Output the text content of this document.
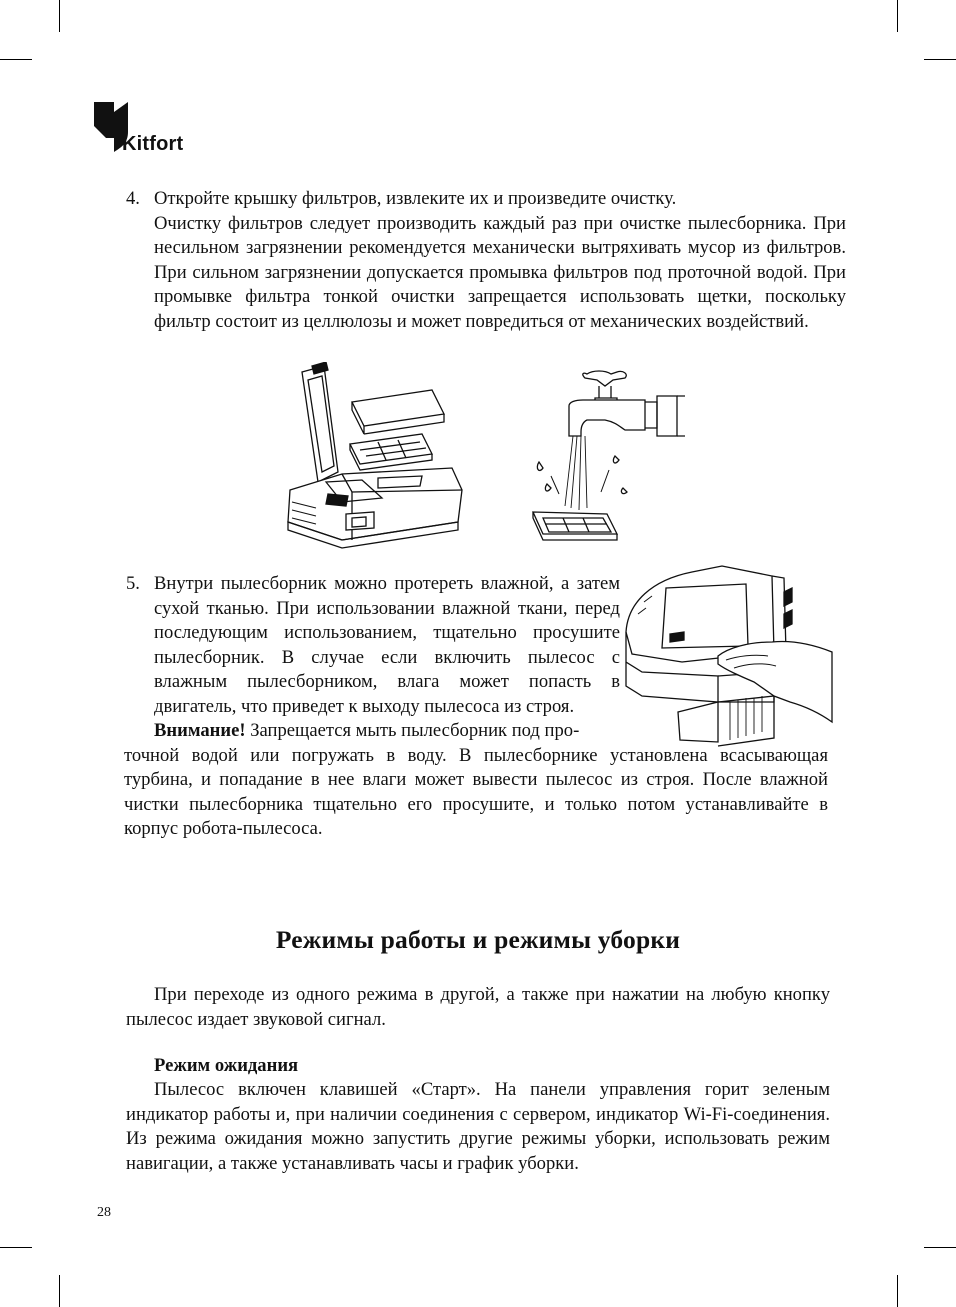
Kitfort
4. Откройте крышку фильтров, извлеките их и произведите очистку.
Очистку фильтров следует производить каждый раз при очистке пылесборника. При несильном загрязнении рекомендуется механически вытряхивать мусор из фильтров. При сильном загрязнении допускается промывка фильтров под проточной водой. При промывке фильтра тонкой очистки запрещается использовать щетки, поскольку фильтр состоит из целлюлозы и может повредиться от механических воздействий.
5. Внутри пылесборник можно протереть влажной, а затем сухой тканью. При использовании влажной ткани, перед последующим использованием, тщательно просушите пылесборник. В случае если включить пылесос с влажным пылесборником, влага может попасть в двигатель, что приведет к выходу пылесоса из строя.
Внимание! Запрещается мыть пылесборник под про-
точной водой или погружать в воду. В пылесборнике установлена всасывающая турбина, и попадание в нее влаги может вывести пылесос из строя. После влажной чистки пылесборника тщательно его просушите, и только потом устанавливайте в корпус робота-пылесоса.
Режимы работы и режимы уборки
При переходе из одного режима в другой, а также при нажатии на любую кнопку пылесос издает звуковой сигнал.
Режим ожидания
Пылесос включен клавишей «Старт». На панели управления горит зеленым индикатор работы и, при наличии соединения с сервером, индикатор Wi-Fi-соединения. Из режима ожидания можно запустить другие режимы уборки, использовать режим навигации, а также устанавливать часы и график уборки.
28
